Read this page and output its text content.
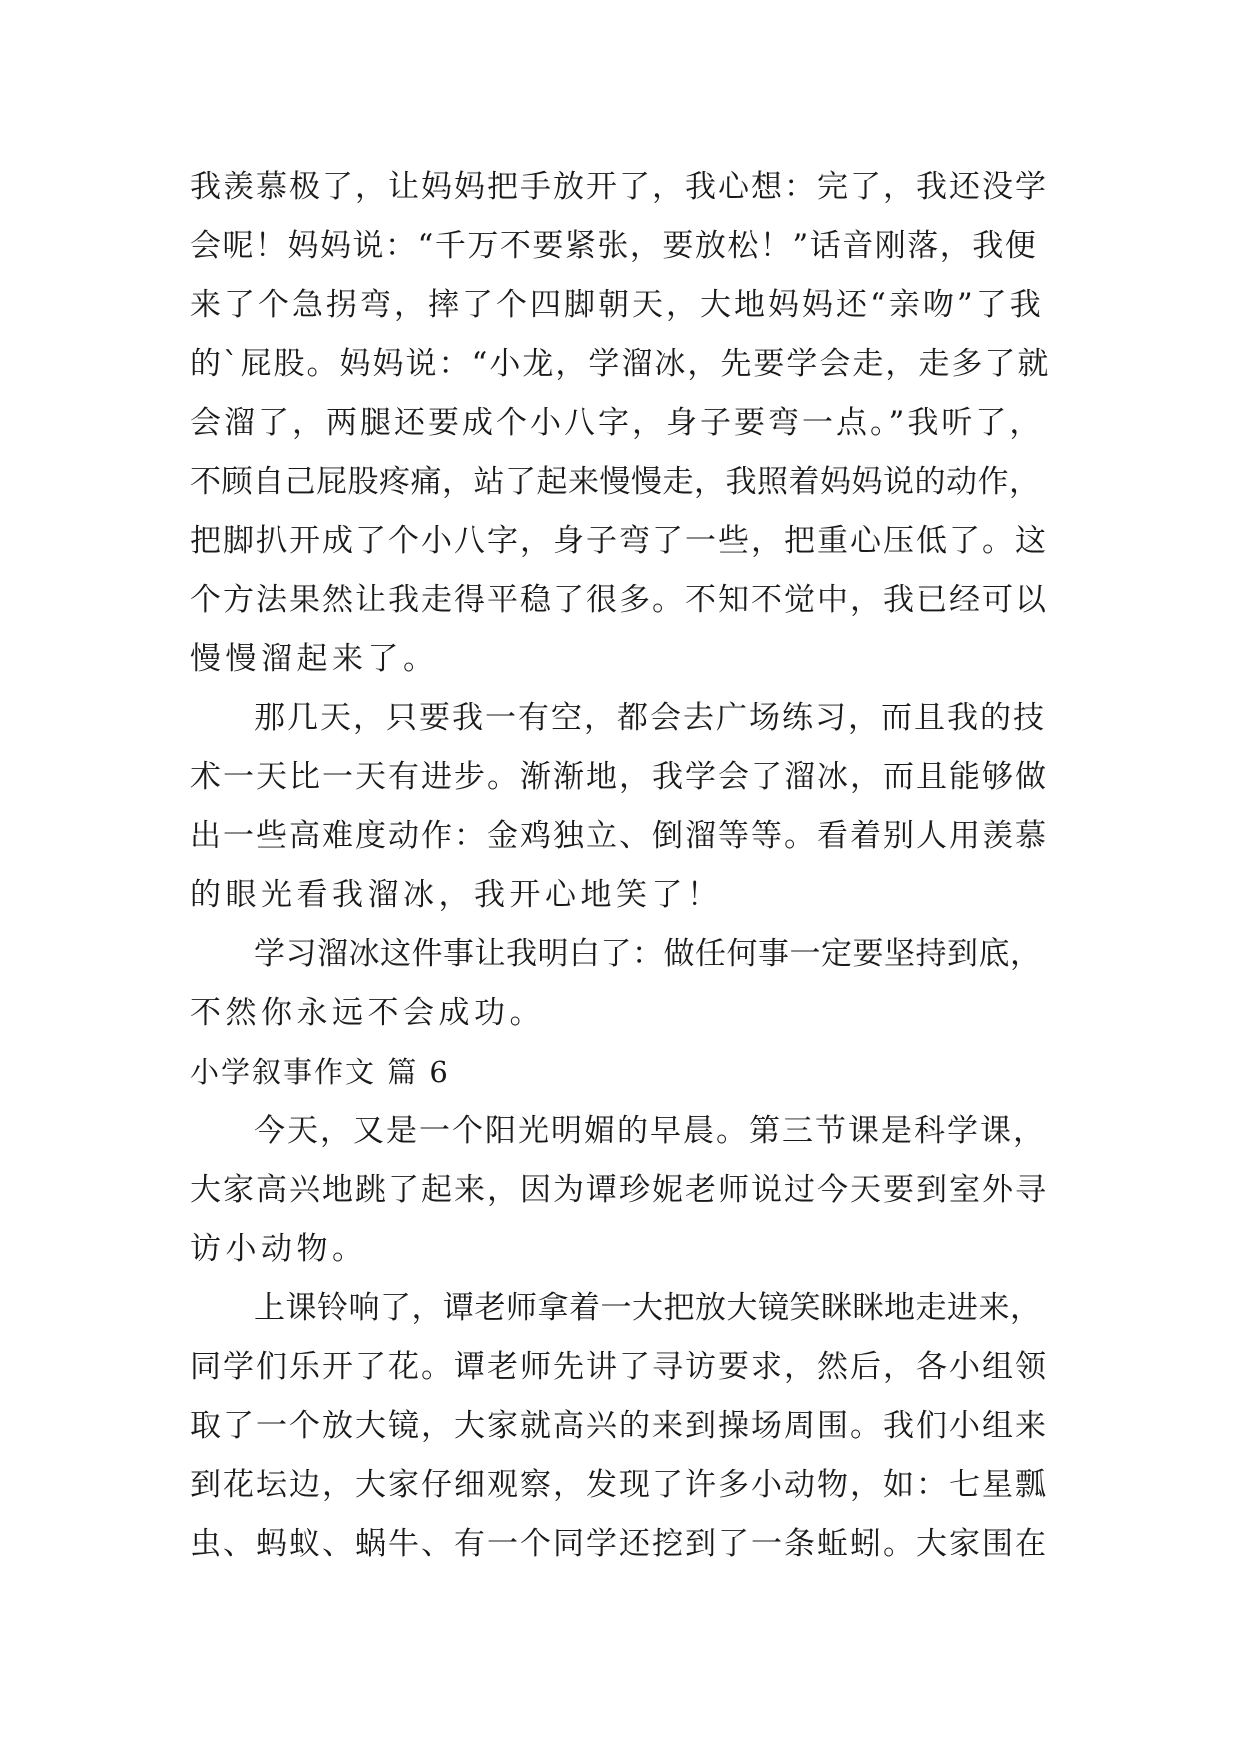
我羡慕极了，让妈妈把手放开了，我心想：完了，我还没学
会呢！妈妈说：“千万不要紧张，要放松！”话音刚落，我便
来了个急拐弯，摔了个四脚朝天，大地妈妈还“亲吻”了我
的`屁股。妈妈说：“小龙，学溜冰，先要学会走，走多了就
会溜了，两腿还要成个小八字，身子要弯一点。”我听了，
不顾自己屁股疼痛，站了起来慢慢走，我照着妈妈说的动作，
把脚扒开成了个小八字，身子弯了一些，把重心压低了。这
个方法果然让我走得平稳了很多。不知不觉中，我已经可以
慢慢溜起来了。
那几天，只要我一有空，都会去广场练习，而且我的技
术一天比一天有进步。渐渐地，我学会了溜冰，而且能够做
出一些高难度动作：金鸡独立、倒溜等等。看着别人用羡慕
的眼光看我溜冰，我开心地笑了！
学习溜冰这件事让我明白了：做任何事一定要坚持到底，
不然你永远不会成功。
小学叙事作文 篇 6
今天，又是一个阳光明媚的早晨。第三节课是科学课，
大家高兴地跳了起来，因为谭珍妮老师说过今天要到室外寻
访小动物。
上课铃响了，谭老师拿着一大把放大镜笑眯眯地走进来，
同学们乐开了花。谭老师先讲了寻访要求，然后，各小组领
取了一个放大镜，大家就高兴的来到操场周围。我们小组来
到花坛边，大家仔细观察，发现了许多小动物，如：七星瓢
虫、蚂蚁、蜗牛、有一个同学还挖到了一条蚯蚓。大家围在
